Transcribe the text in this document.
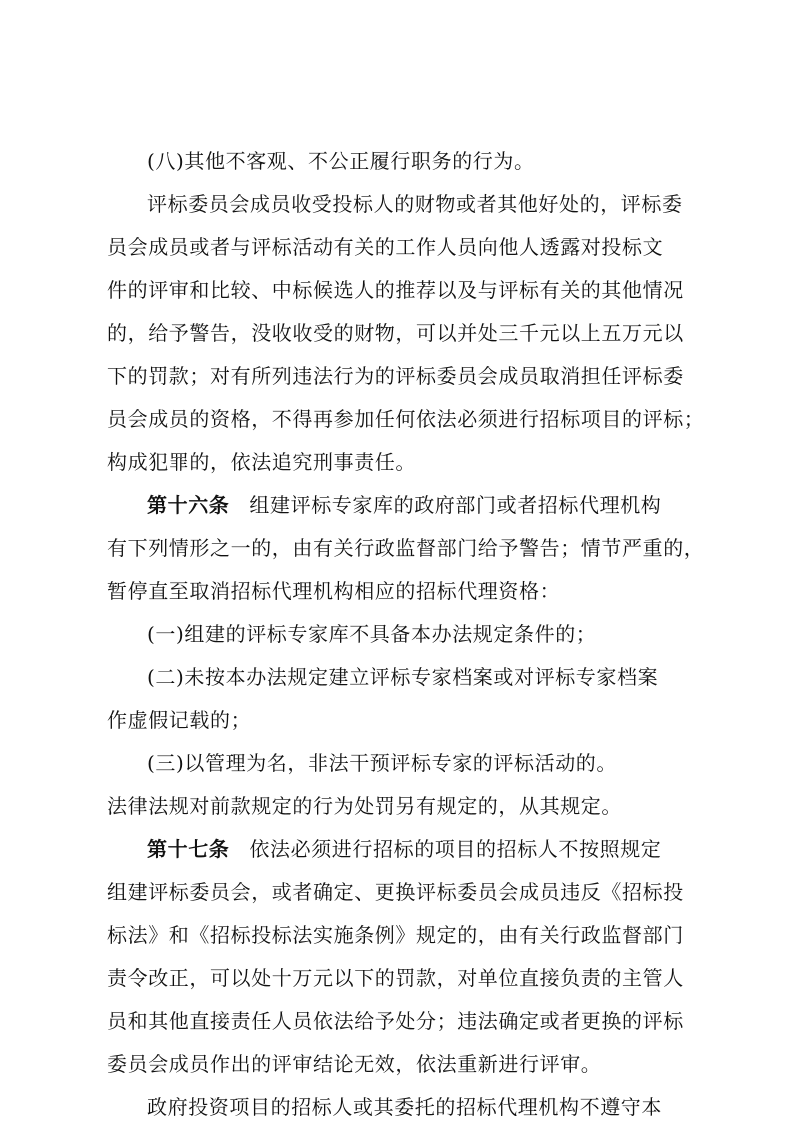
(八)其他不客观、不公正履行职务的行为。
评标委员会成员收受投标人的财物或者其他好处的，评标委
员会成员或者与评标活动有关的工作人员向他人透露对投标文
件的评审和比较、中标候选人的推荐以及与评标有关的其他情况
的，给予警告，没收收受的财物，可以并处三千元以上五万元以
下的罚款；对有所列违法行为的评标委员会成员取消担任评标委
员会成员的资格，不得再参加任何依法必须进行招标项目的评标；
构成犯罪的，依法追究刑事责任。
第十六条 组建评标专家库的政府部门或者招标代理机构
有下列情形之一的，由有关行政监督部门给予警告；情节严重的，
暂停直至取消招标代理机构相应的招标代理资格：
(一)组建的评标专家库不具备本办法规定条件的；
(二)未按本办法规定建立评标专家档案或对评标专家档案
作虚假记载的；
(三)以管理为名，非法干预评标专家的评标活动的。
法律法规对前款规定的行为处罚另有规定的，从其规定。
第十七条 依法必须进行招标的项目的招标人不按照规定
组建评标委员会，或者确定、更换评标委员会成员违反《招标投
标法》和《招标投标法实施条例》规定的，由有关行政监督部门
责令改正，可以处十万元以下的罚款，对单位直接负责的主管人
员和其他直接责任人员依法给予处分；违法确定或者更换的评标
委员会成员作出的评审结论无效，依法重新进行评审。
政府投资项目的招标人或其委托的招标代理机构不遵守本
